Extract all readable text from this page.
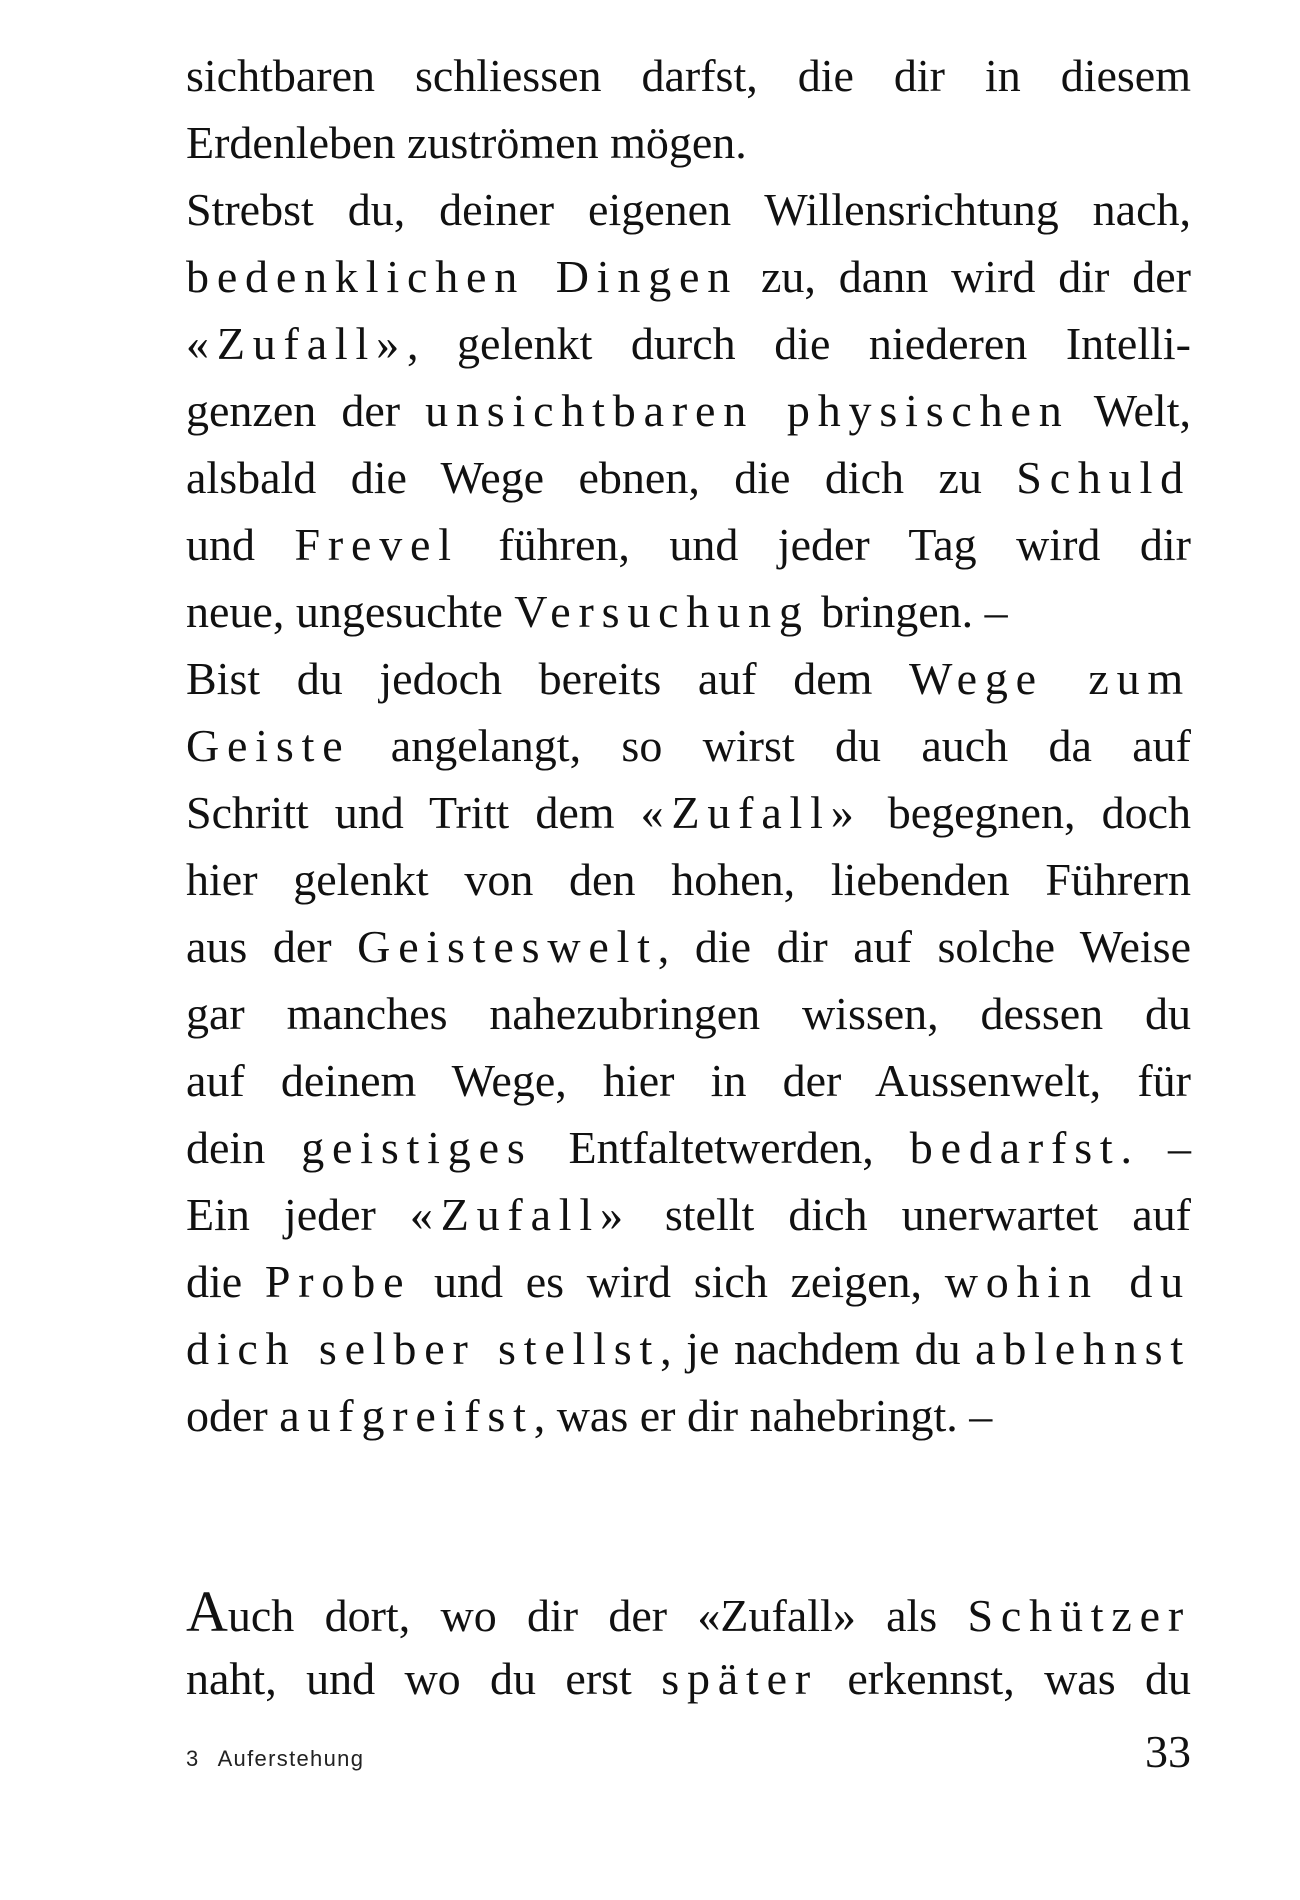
sichtbaren schliessen darfst, die dir in diesem
Erdenleben zuströmen mögen.
Strebst du, deiner eigenen Willensrichtung nach,
bedenklichen Dingen zu, dann wird dir der
«Zufall», gelenkt durch die niederen Intelli-
genzen der unsichtbaren physischen Welt,
alsbald die Wege ebnen, die dich zu Schuld
und Frevel führen, und jeder Tag wird dir
neue, ungesuchte Versuchung bringen. –
Bist du jedoch bereits auf dem Wege zum
Geiste angelangt, so wirst du auch da auf
Schritt und Tritt dem «Zufall» begegnen, doch
hier gelenkt von den hohen, liebenden Führern
aus der Geisteswelt, die dir auf solche Weise
gar manches nahezubringen wissen, dessen du
auf deinem Wege, hier in der Aussenwelt, für
dein geistiges Entfaltetwerden, bedarfst. –
Ein jeder «Zufall» stellt dich unerwartet auf
die Probe und es wird sich zeigen, wohin du
dich selber stellst, je nachdem du ablehnst
oder aufgreifst, was er dir nahebringt. –
Auch dort, wo dir der «Zufall» als Schützer
naht, und wo du erst später erkennst, was du
3 Auferstehung	33
